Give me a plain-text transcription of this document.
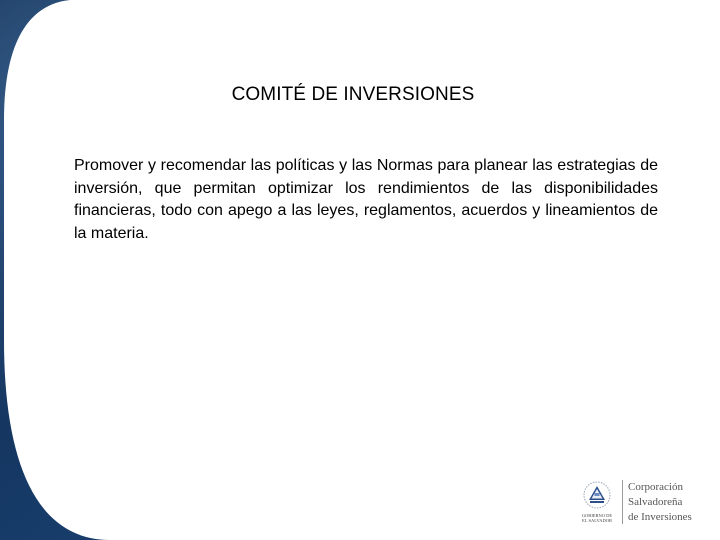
COMITÉ DE INVERSIONES
Promover y recomendar las políticas y las Normas para planear las estrategias de inversión, que permitan optimizar los rendimientos de las disponibilidades financieras, todo con apego a las leyes, reglamentos, acuerdos y lineamientos de la materia.
GOBIERNO DE
EL SALVADOR
Corporación
Salvadoreña
de Inversiones
